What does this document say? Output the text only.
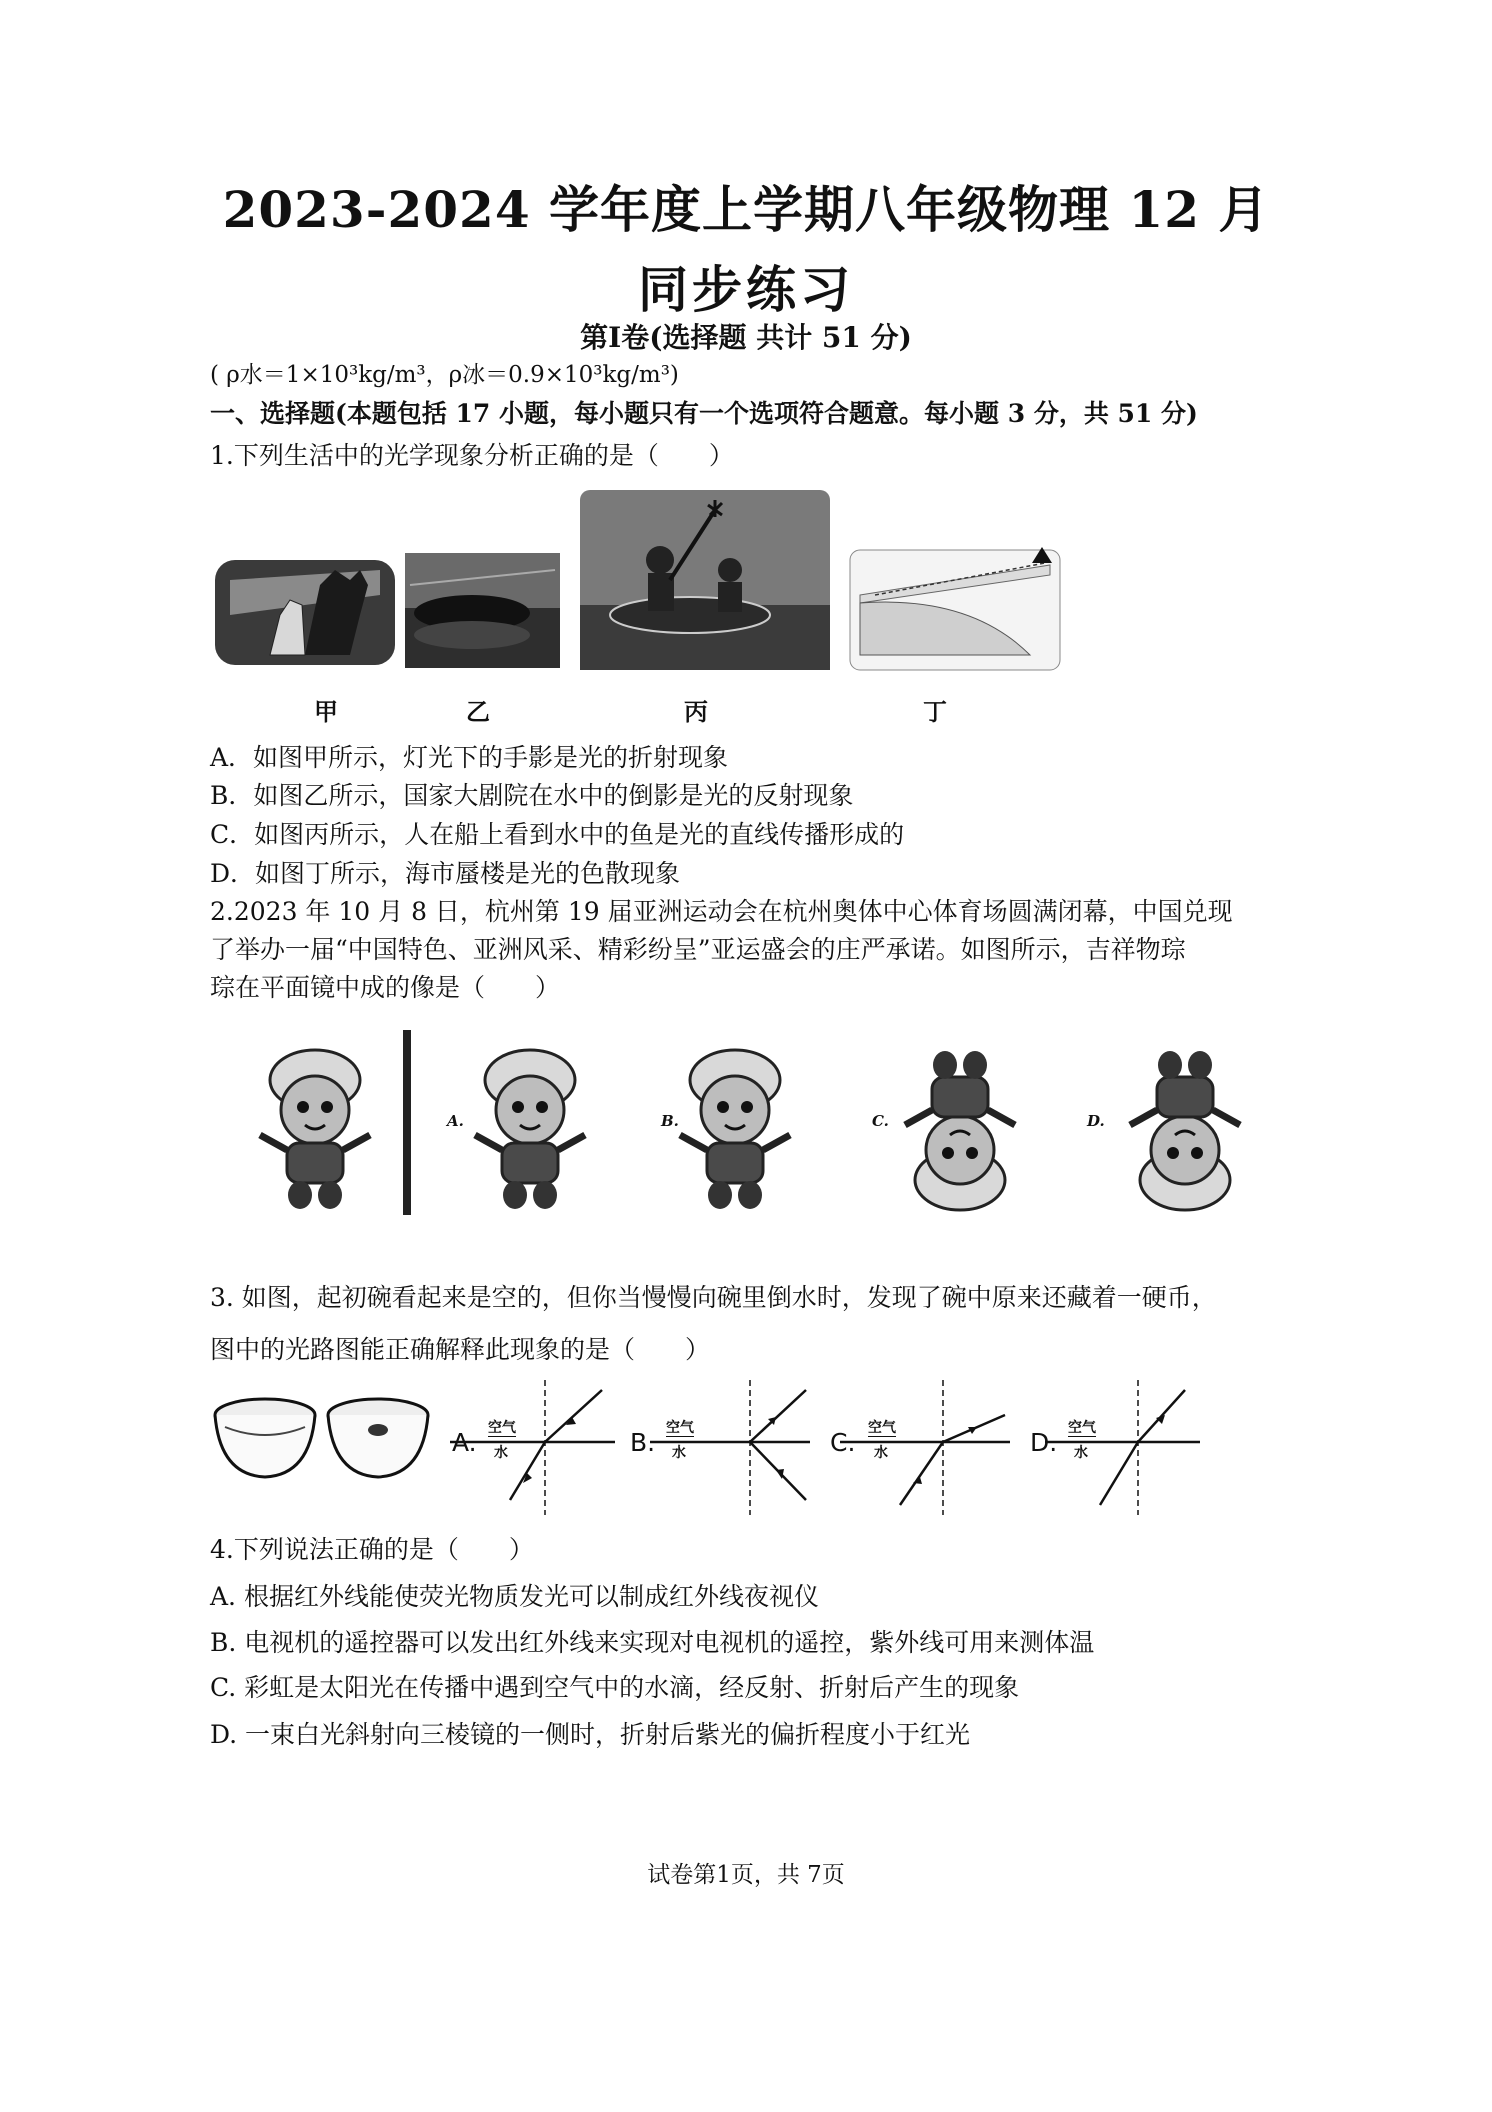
2023-2024 学年度上学期八年级物理 12 月
同步练习
第Ⅰ卷(选择题 共计 51 分)
( ρ水＝1×10³kg/m³，ρ冰＝0.9×10³kg/m³)
一、选择题(本题包括 17 小题，每小题只有一个选项符合题意。每小题 3 分，共 51 分)
1.下列生活中的光学现象分析正确的是（　　）
甲	乙	丙	丁
A．如图甲所示，灯光下的手影是光的折射现象
B．如图乙所示，国家大剧院在水中的倒影是光的反射现象
C．如图丙所示，人在船上看到水中的鱼是光的直线传播形成的
D．如图丁所示，海市蜃楼是光的色散现象
2.2023 年 10 月 8 日，杭州第 19 届亚洲运动会在杭州奥体中心体育场圆满闭幕，中国兑现
了举办一届“中国特色、亚洲风采、精彩纷呈”亚运盛会的庄严承诺。如图所示，吉祥物琮
琮在平面镜中成的像是（　　）
A.	B.	C.	D.
3. 如图，起初碗看起来是空的，但你当慢慢向碗里倒水时，发现了碗中原来还藏着一硬币，
图中的光路图能正确解释此现象的是（　　）
A. 空气
水	B. 空气
水	C. 空气
水	D. 空气
水
4.下列说法正确的是（　　）
A. 根据红外线能使荧光物质发光可以制成红外线夜视仪
B. 电视机的遥控器可以发出红外线来实现对电视机的遥控，紫外线可用来测体温
C. 彩虹是太阳光在传播中遇到空气中的水滴，经反射、折射后产生的现象
D. 一束白光斜射向三棱镜的一侧时，折射后紫光的偏折程度小于红光
试卷第1页，共 7页
